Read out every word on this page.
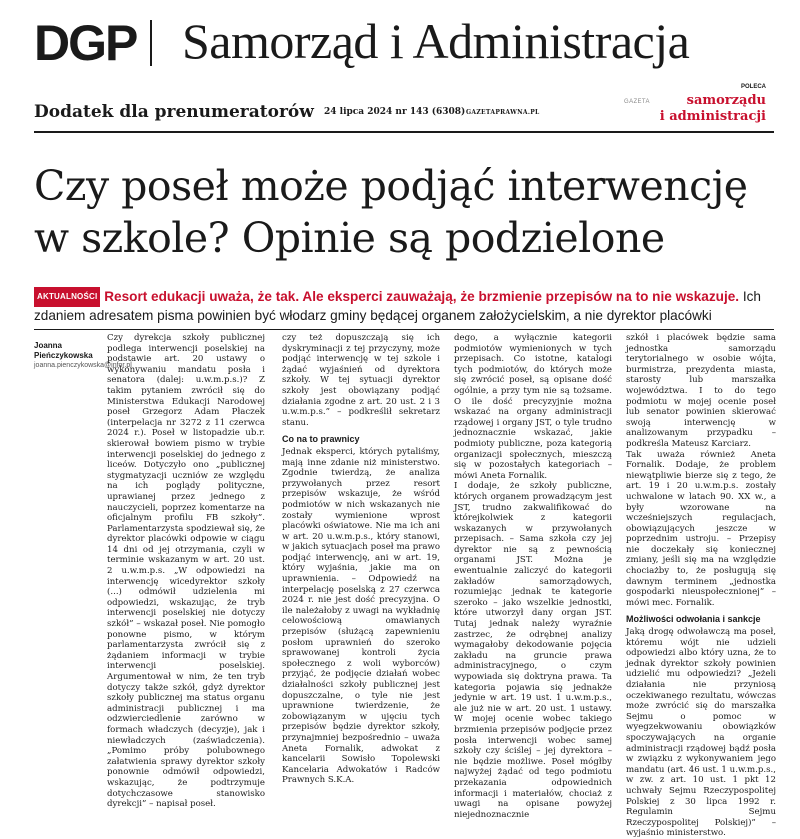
DGP Samorząd i Administracja
Dodatek dla prenumeratorów 24 lipca 2024 nr 143 (6308) GAZETAPRAWNA.PL
POLECA
GAZETA	samorządu
i administracji
Czy poseł może podjąć interwencję w szkole? Opinie są podzielone
AKTUALNOŚCI Resort edukacji uważa, że tak. Ale eksperci zauważają, że brzmienie przepisów na to nie wskazuje. Ich zdaniem adresatem pisma powinien być włodarz gminy będącej organem założycielskim, a nie dyrektor placówki
Joanna
Pieńczykowska
joanna.pienczykowska@infor.pl

Czy dyrekcja szkoły publicznej podlega interwencji poselskiej na podstawie art. 20 ustawy o wykonywaniu mandatu posła i senatora (dalej: u.w.m.p.s.)? Z takim pytaniem zwrócił się do Ministerstwa Edukacji Narodowej poseł Grzegorz Adam Płaczek (interpelacja nr 3272 z 11 czerwca 2024 r.). Poseł w listopadzie ub.r. skierował bowiem pismo w trybie interwencji poselskiej do jednego z liceów. Dotyczyło ono „publicznej stygmatyzacji uczniów ze względu na ich poglądy polityczne, uprawianej przez jednego z nauczycieli, poprzez komentarze na oficjalnym profilu FB szkoły”. Parlamentarzysta spodziewał się, że dyrektor placówki odpowie w ciągu 14 dni od jej otrzymania, czyli w terminie wskazanym w art. 20 ust. 2 u.w.m.p.s. „W odpowiedzi na interwencję wicedyrektor szkoły (...) odmówił udzielenia mi odpowiedzi, wskazując, że tryb interwencji poselskiej nie dotyczy szkół” – wskazał poseł. Nie pomogło ponowne pismo, w którym parlamentarzysta zwrócił się z żądaniem informacji w trybie interwencji poselskiej. Argumentował w nim, że ten tryb dotyczy także szkół, gdyż dyrektor szkoły publicznej ma status organu administracji publicznej i ma odzwierciedlenie zarówno w formach władczych (decyzje), jak i niewładczych (zaświadczenia). „Pomimo próby polubownego załatwienia sprawy dyrektor szkoły ponownie odmówił odpowiedzi, wskazując, że podtrzymuje dotychczasowe stanowisko dyrekcji” – napisał poseł.

czy też dopuszczają się ich dyskryminacji z tej przyczyny, może podjąć interwencję w tej szkole i żądać wyjaśnień od dyrektora szkoły. W tej sytuacji dyrektor szkoły jest obowiązany podjąć działania zgodne z art. 20 ust. 2 i 3 u.w.m.p.s.” – podkreślił sekretarz stanu.

Co na to prawnicy

Jednak eksperci, których pytaliśmy, mają inne zdanie niż ministerstwo. Zgodnie twierdzą, że analiza przywołanych przez resort przepisów wskazuje, że wśród podmiotów w nich wskazanych nie zostały wymienione wprost placówki oświatowe. Nie ma ich ani w art. 20 u.w.m.p.s., który stanowi, w jakich sytuacjach poseł ma prawo podjąć interwencję, ani w art. 19, który wyjaśnia, jakie ma on uprawnienia. – Odpowiedź na interpelację poselską z 27 czerwca 2024 r. nie jest dość precyzyjna. O ile należałoby z uwagi na wykładnię celowościową omawianych przepisów (służącą zapewnieniu posłom uprawnień do szeroko sprawowanej kontroli życia społecznego z woli wyborców) przyjąć, że podjęcie działań wobec działalności szkoły publicznej jest dopuszczalne, o tyle nie jest uprawnione twierdzenie, że zobowiązanym w ujęciu tych przepisów będzie dyrektor szkoły, przynajmniej bezpośrednio – uważa Aneta Fornalik, adwokat z kancelarii Sowisło Topolewski Kancelaria Adwokatów i Radców Prawnych S.K.A.

dego, a wyłącznie kategorii podmiotów wymienionych w tych przepisach. Co istotne, katalogi tych podmiotów, do których może się zwrócić poseł, są opisane dość ogólnie, a przy tym nie są tożsame. O ile dość precyzyjnie można wskazać na organy administracji rządowej i organy JST, o tyle trudno jednoznacznie wskazać, jakie podmioty publiczne, poza kategorią organizacji społecznych, mieszczą się w pozostałych kategoriach – mówi Aneta Fornalik.

I dodaje, że szkoły publiczne, których organem prowadzącym jest JST, trudno zakwalifikować do którejkolwiek z kategorii wskazanych w przywołanych przepisach. – Sama szkoła czy jej dyrektor nie są z pewnością organami JST. Można je ewentualnie zaliczyć do kategorii zakładów samorządowych, rozumiejąc jednak te kategorie szeroko – jako wszelkie jednostki, które utworzył dany organ JST. Tutaj jednak należy wyraźnie zastrzec, że odrębnej analizy wymagałoby dekodowanie pojęcia zakładu na gruncie prawa administracyjnego, o czym wypowiada się doktryna prawa. Ta kategoria pojawia się jednakże jedynie w art. 19 ust. 1 u.w.m.p.s., ale już nie w art. 20 ust. 1 ustawy. W mojej ocenie wobec takiego brzmienia przepisów podjęcie przez posła interwencji wobec samej szkoły czy ściślej – jej dyrektora – nie będzie możliwe. Poseł mógłby najwyżej żądać od tego podmiotu przekazania odpowiednich informacji i materiałów, chociaż z uwagi na opisane powyżej niejednoznacznie

szkół i placówek będzie sama jednostka samorządu terytorialnego w osobie wójta, burmistrza, prezydenta miasta, starosty lub marszałka województwa. I to do tego podmiotu w mojej ocenie poseł lub senator powinien skierować swoją interwencję w analizowanym przypadku – podkreśla Mateusz Karciarz.

Tak uważa również Aneta Fornalik. Dodaje, że problem niewątpliwie bierze się z tego, że art. 19 i 20 u.w.m.p.s. zostały uchwalone w latach 90. XX w., a były wzorowane na wcześniejszych regulacjach, obowiązujących jeszcze w poprzednim ustroju. – Przepisy nie doczekały się koniecznej zmiany, jeśli się ma na względzie chociażby to, że posługują się dawnym terminem „jednostka gospodarki nieuspołecznionej” – mówi mec. Fornalik.

Możliwości odwołania i sankcje

Jaką drogę odwoławczą ma poseł, któremu wójt nie udzieli odpowiedzi albo który uzna, że to jednak dyrektor szkoły powinien udzielić mu odpowiedzi? „Jeżeli działania nie przyniosą oczekiwanego rezultatu, wówczas może zwrócić się do marszałka Sejmu o pomoc w wyegzekwowaniu obowiązków spoczywających na organie administracji rządowej bądź posła w związku z wykonywaniem jego mandatu (art. 46 ust. 1 u.w.m.p.s., w zw. z art. 10 ust. 1 pkt 12 uchwały Sejmu Rzeczypospolitej Polskiej z 30 lipca 1992 r. Regulamin Sejmu Rzeczypospolitej Polskiej)” – wyjaśnio ministerstwo.
